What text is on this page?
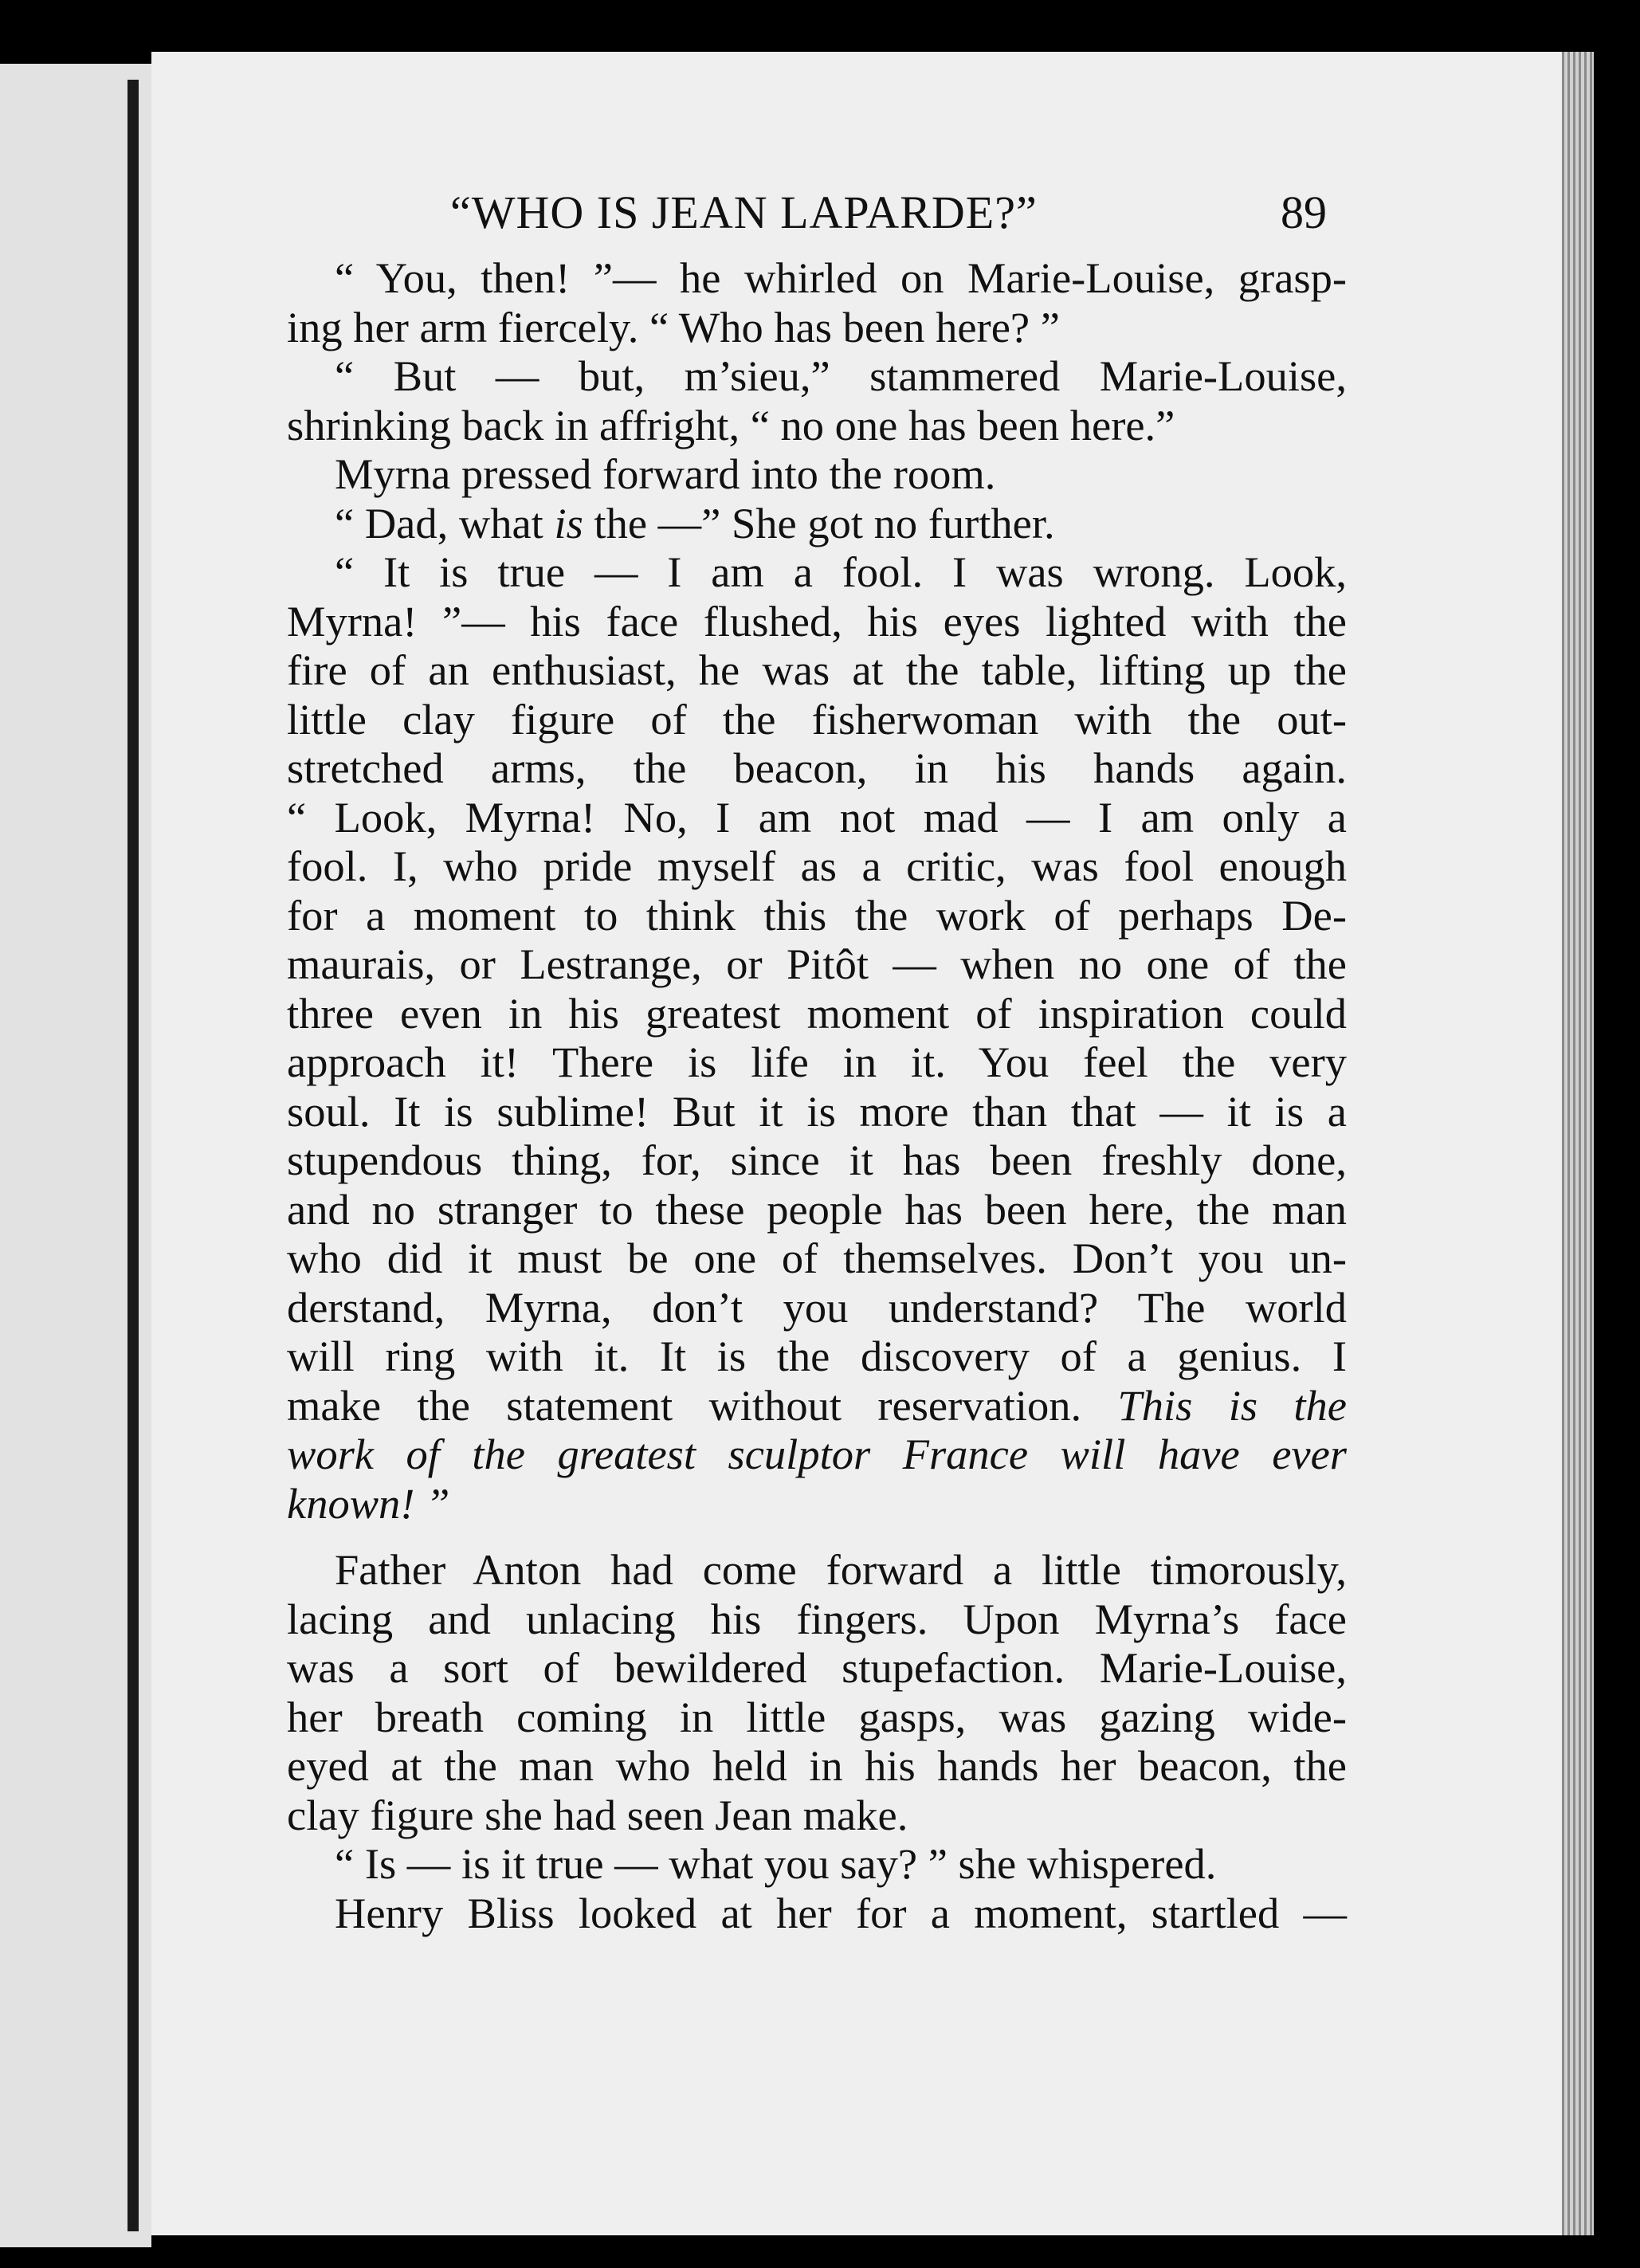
“WHO IS JEAN LAPARDE?”	89
“ You, then! ”— he whirled on Marie-Louise, grasp-
ing her arm fiercely. “ Who has been here? ”
“ But — but, m’sieu,” stammered Marie-Louise,
shrinking back in affright, “ no one has been here.”
Myrna pressed forward into the room.
“ Dad, what is the —” She got no further.
“ It is true — I am a fool. I was wrong. Look,
Myrna! ”— his face flushed, his eyes lighted with the
fire of an enthusiast, he was at the table, lifting up the
little clay figure of the fisherwoman with the out-
stretched arms, the beacon, in his hands again.
“ Look, Myrna! No, I am not mad — I am only a
fool. I, who pride myself as a critic, was fool enough
for a moment to think this the work of perhaps De-
maurais, or Lestrange, or Pitôt — when no one of the
three even in his greatest moment of inspiration could
approach it! There is life in it. You feel the very
soul. It is sublime! But it is more than that — it is a
stupendous thing, for, since it has been freshly done,
and no stranger to these people has been here, the man
who did it must be one of themselves. Don’t you un-
derstand, Myrna, don’t you understand? The world
will ring with it. It is the discovery of a genius. I
make the statement without reservation. This is the
work of the greatest sculptor France will have ever
known! ”
Father Anton had come forward a little timorously,
lacing and unlacing his fingers. Upon Myrna’s face
was a sort of bewildered stupefaction. Marie-Louise,
her breath coming in little gasps, was gazing wide-
eyed at the man who held in his hands her beacon, the
clay figure she had seen Jean make.
“ Is — is it true — what you say? ” she whispered.
Henry Bliss looked at her for a moment, startled —
